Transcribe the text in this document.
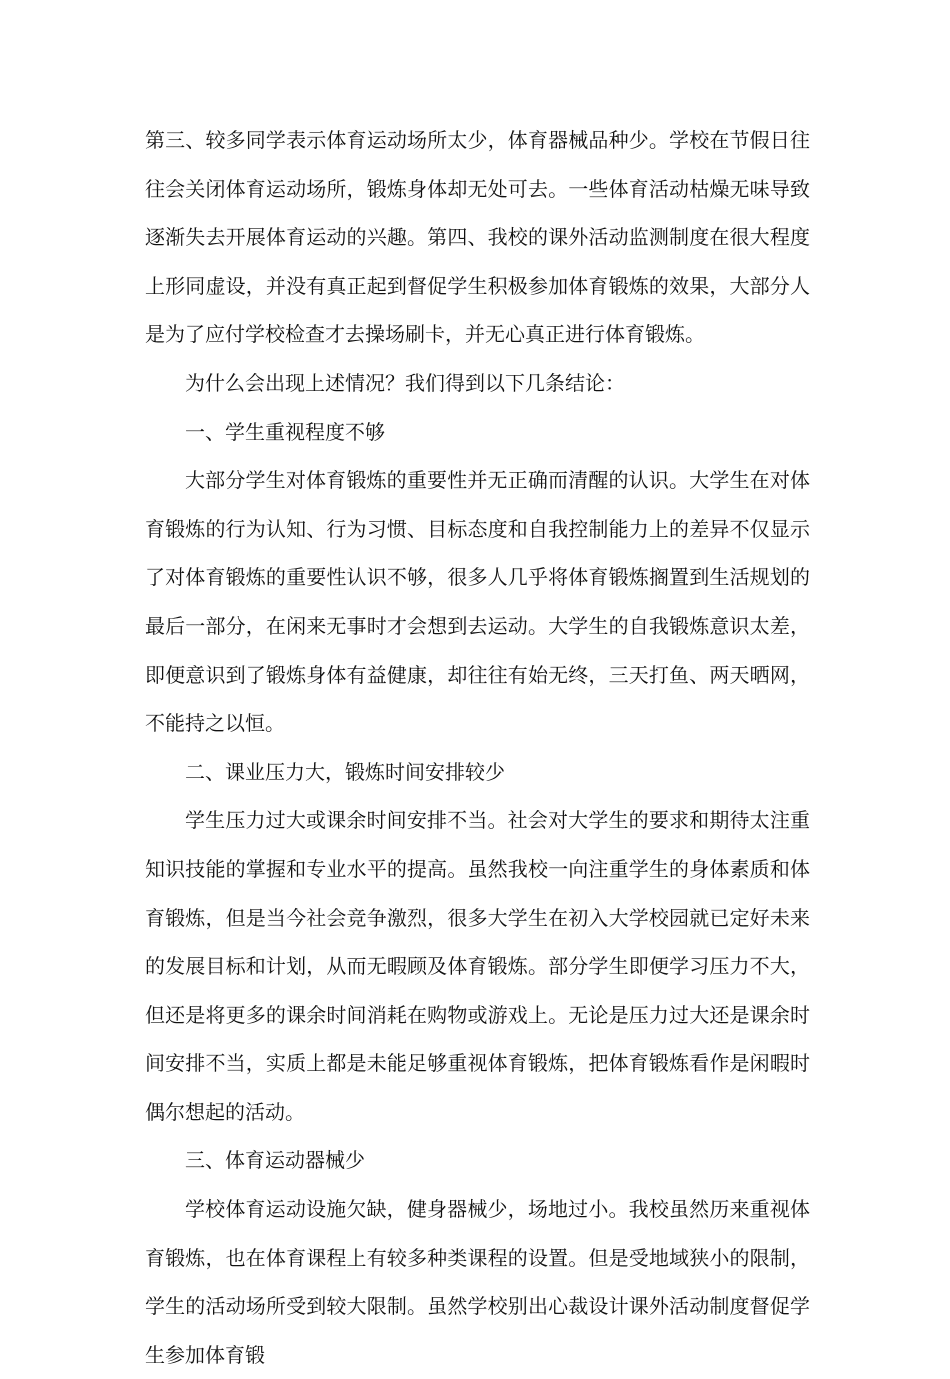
第三、较多同学表示体育运动场所太少，体育器械品种少。学校在节假日往往会关闭体育运动场所，锻炼身体却无处可去。一些体育活动枯燥无味导致逐渐失去开展体育运动的兴趣。第四、我校的课外活动监测制度在很大程度上形同虚设，并没有真正起到督促学生积极参加体育锻炼的效果，大部分人是为了应付学校检查才去操场刷卡，并无心真正进行体育锻炼。

为什么会出现上述情况？我们得到以下几条结论：

一、学生重视程度不够

大部分学生对体育锻炼的重要性并无正确而清醒的认识。大学生在对体育锻炼的行为认知、行为习惯、目标态度和自我控制能力上的差异不仅显示了对体育锻炼的重要性认识不够，很多人几乎将体育锻炼搁置到生活规划的最后一部分，在闲来无事时才会想到去运动。大学生的自我锻炼意识太差，即便意识到了锻炼身体有益健康，却往往有始无终，三天打鱼、两天晒网，不能持之以恒。

二、课业压力大，锻炼时间安排较少

学生压力过大或课余时间安排不当。社会对大学生的要求和期待太注重知识技能的掌握和专业水平的提高。虽然我校一向注重学生的身体素质和体育锻炼，但是当今社会竞争激烈，很多大学生在初入大学校园就已定好未来的发展目标和计划，从而无暇顾及体育锻炼。部分学生即便学习压力不大，但还是将更多的课余时间消耗在购物或游戏上。无论是压力过大还是课余时间安排不当，实质上都是未能足够重视体育锻炼，把体育锻炼看作是闲暇时偶尔想起的活动。

三、体育运动器械少

学校体育运动设施欠缺，健身器械少，场地过小。我校虽然历来重视体育锻炼，也在体育课程上有较多种类课程的设置。但是受地域狭小的限制，学生的活动场所受到较大限制。虽然学校别出心裁设计课外活动制度督促学生参加体育锻
